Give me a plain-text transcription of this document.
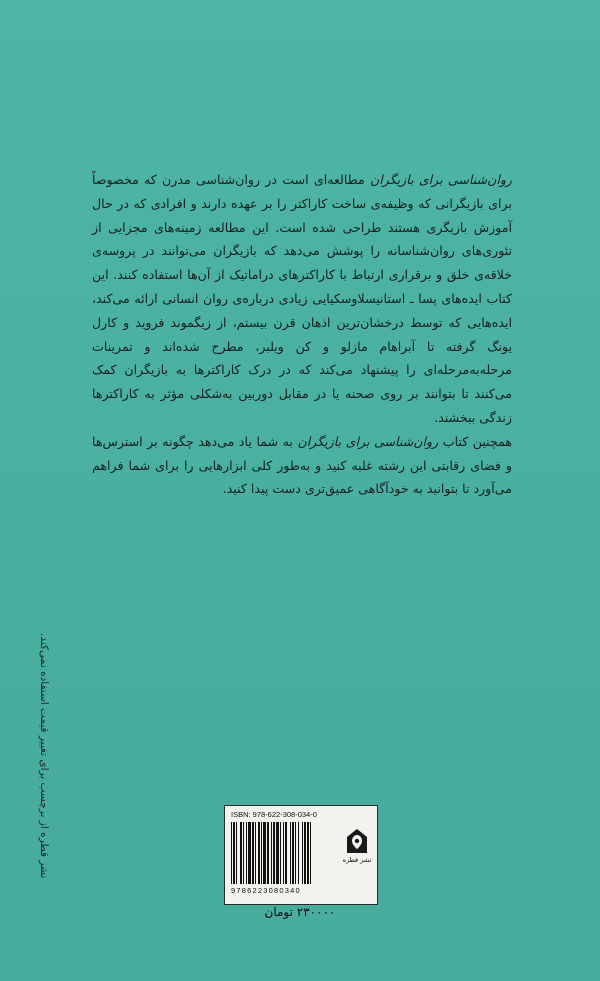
روان‌شناسی برای بازیگران مطالعه‌ای است در روان‌شناسی مدرن که مخصوصاً برای بازیگرانی که وظیفه‌ی ساخت کاراکتر را بر عهده دارند و افرادی که در حال آموزش بازیگری هستند طراحی شده است. این مطالعه زمینه‌های مجزایی از تئوری‌های روان‌شناسانه را پوشش می‌دهد که بازیگران می‌توانند در پروسه‌ی خلاقه‌ی خلق و برقراری ارتباط با کاراکترهای دراماتیک از آن‌ها استفاده کنند. این کتاب ایده‌های پسا ـ استانیسلاوسکیایی زیادی درباره‌ی روان انسانی ارائه می‌کند، ایده‌هایی که توسط درخشان‌ترین اذهان قرن بیستم، از زیگموند فروید و کارل یونگ گرفته تا آبراهام مازلو و کن ویلبر، مطرح شده‌اند و تمرینات مرحله‌به‌مرحله‌ای را پیشنهاد می‌کند که در درک کاراکترها به بازیگران کمک می‌کنند تا بتوانند بر روی صحنه یا در مقابل دوربین به‌شکلی مؤثر به کاراکترها زندگی ببخشند.

همچنین کتاب روان‌شناسی برای بازیگران به شما یاد می‌دهد چگونه بر استرس‌ها و فضای رقابتی این رشته غلبه کنید و به‌طور کلی ابزارهایی را برای شما فراهم می‌آورد تا بتوانید به خودآگاهی عمیق‌تری دست پیدا کنید.

نشر قطره از برچسب برای تغییر قیمت استفاده نمی‌کند.	ISBN: 978-622-308-034-0
9786223080340
نشر قطره
۲۳۰۰۰۰ تومان
